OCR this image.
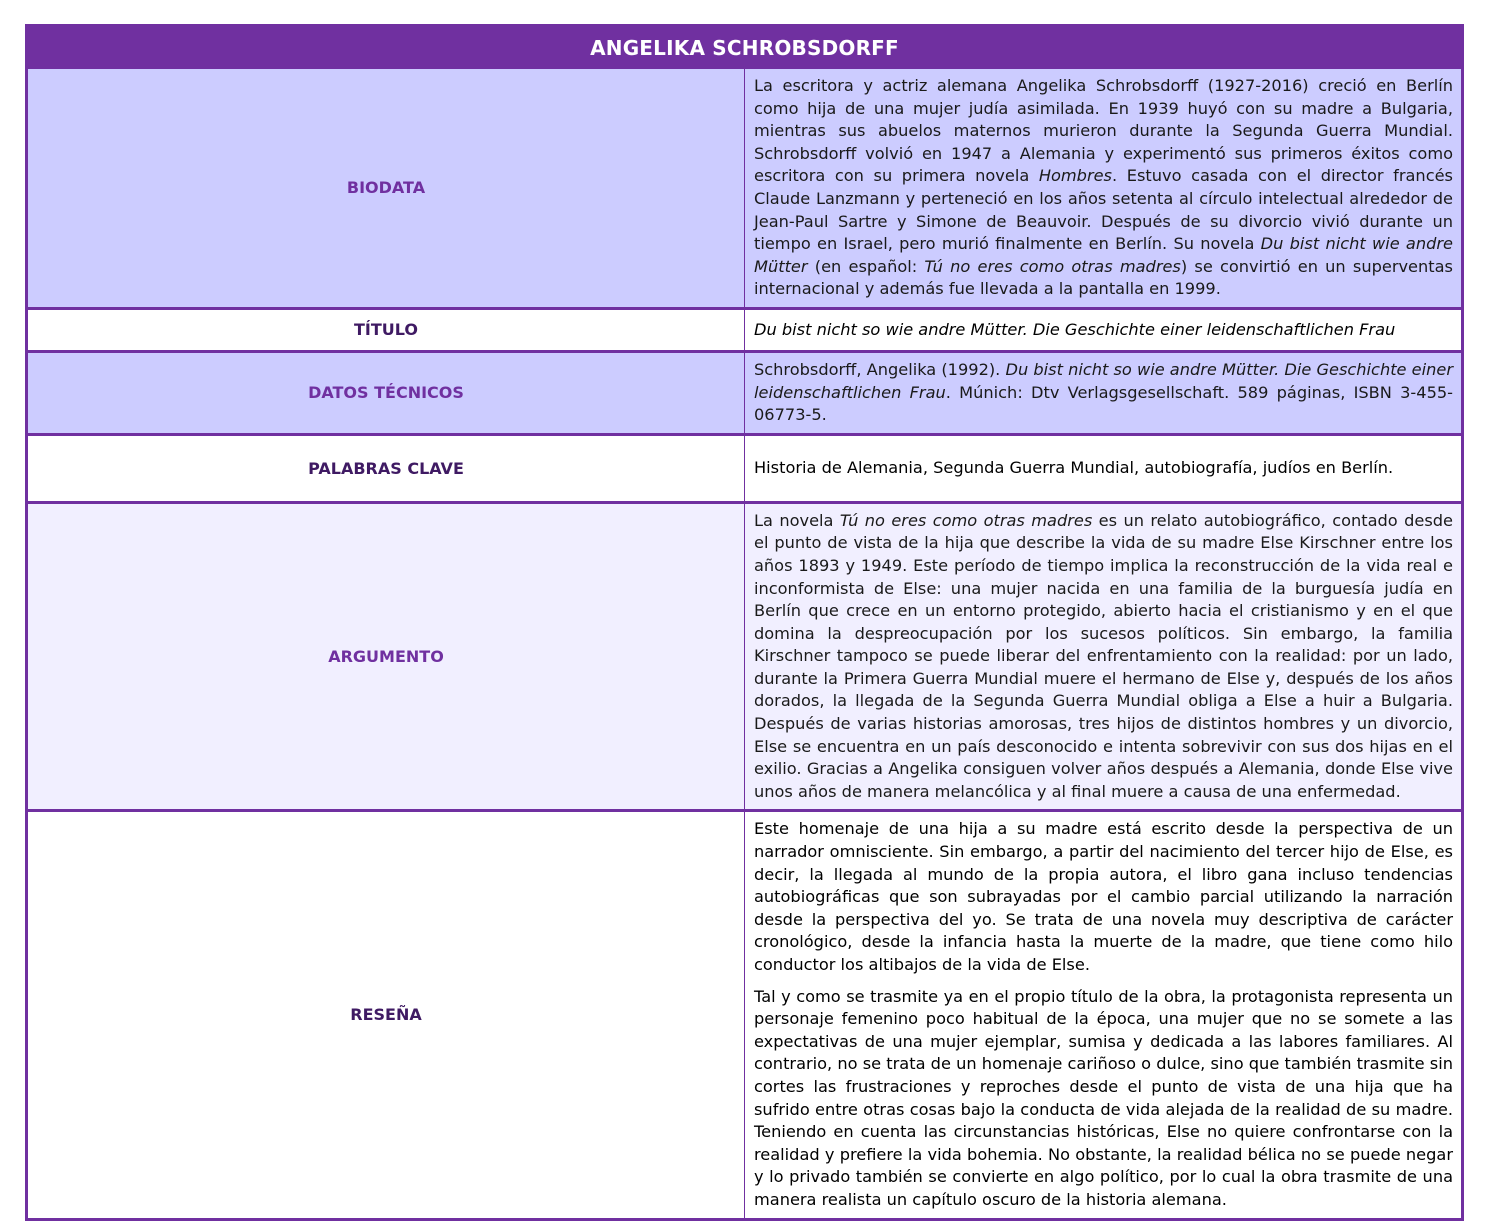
ANGELIKA SCHROBSDORFF	
BIODATA	La escritora y actriz alemana Angelika Schrobsdorff (1927-2016) creció en Berlín como hija de una mujer judía asimilada. En 1939 huyó con su madre a Bulgaria, mientras sus abuelos maternos murieron durante la Segunda Guerra Mundial. Schrobsdorff volvió en 1947 a Alemania y experimentó sus primeros éxitos como escritora con su primera novela Hombres. Estuvo casada con el director francés Claude Lanzmann y perteneció en los años setenta al círculo intelectual alrededor de Jean-Paul Sartre y Simone de Beauvoir. Después de su divorcio vivió durante un tiempo en Israel, pero murió finalmente en Berlín. Su novela Du bist nicht wie andre Mütter (en español: Tú no eres como otras madres) se convirtió en un superventas internacional y además fue llevada a la pantalla en 1999.
TÍTULO	Du bist nicht so wie andre Mütter. Die Geschichte einer leidenschaftlichen Frau
DATOS TÉCNICOS	Schrobsdorff, Angelika (1992). Du bist nicht so wie andre Mütter. Die Geschichte einer leidenschaftlichen Frau. Múnich: Dtv Verlagsgesellschaft. 589 páginas, ISBN 3-455-06773-5.
PALABRAS CLAVE	Historia de Alemania, Segunda Guerra Mundial, autobiografía, judíos en Berlín.
ARGUMENTO	La novela Tú no eres como otras madres es un relato autobiográfico, contado desde el punto de vista de la hija que describe la vida de su madre Else Kirschner entre los años 1893 y 1949. Este período de tiempo implica la reconstrucción de la vida real e inconformista de Else: una mujer nacida en una familia de la burguesía judía en Berlín que crece en un entorno protegido, abierto hacia el cristianismo y en el que domina la despreocupación por los sucesos políticos. Sin embargo, la familia Kirschner tampoco se puede liberar del enfrentamiento con la realidad: por un lado, durante la Primera Guerra Mundial muere el hermano de Else y, después de los años dorados, la llegada de la Segunda Guerra Mundial obliga a Else a huir a Bulgaria. Después de varias historias amorosas, tres hijos de distintos hombres y un divorcio, Else se encuentra en un país desconocido e intenta sobrevivir con sus dos hijas en el exilio. Gracias a Angelika consiguen volver años después a Alemania, donde Else vive unos años de manera melancólica y al final muere a causa de una enfermedad.
RESEÑA	Este homenaje de una hija a su madre está escrito desde la perspectiva de un narrador omnisciente. Sin embargo, a partir del nacimiento del tercer hijo de Else, es decir, la llegada al mundo de la propia autora, el libro gana incluso tendencias autobiográficas que son subrayadas por el cambio parcial utilizando la narración desde la perspectiva del yo. Se trata de una novela muy descriptiva de carácter cronológico, desde la infancia hasta la muerte de la madre, que tiene como hilo conductor los altibajos de la vida de Else.

Tal y como se trasmite ya en el propio título de la obra, la protagonista representa un personaje femenino poco habitual de la época, una mujer que no se somete a las expectativas de una mujer ejemplar, sumisa y dedicada a las labores familiares. Al contrario, no se trata de un homenaje cariñoso o dulce, sino que también trasmite sin cortes las frustraciones y reproches desde el punto de vista de una hija que ha sufrido entre otras cosas bajo la conducta de vida alejada de la realidad de su madre. Teniendo en cuenta las circunstancias históricas, Else no quiere confrontarse con la realidad y prefiere la vida bohemia. No obstante, la realidad bélica no se puede negar y lo privado también se convierte en algo político, por lo cual la obra trasmite de una manera realista un capítulo oscuro de la historia alemana.
